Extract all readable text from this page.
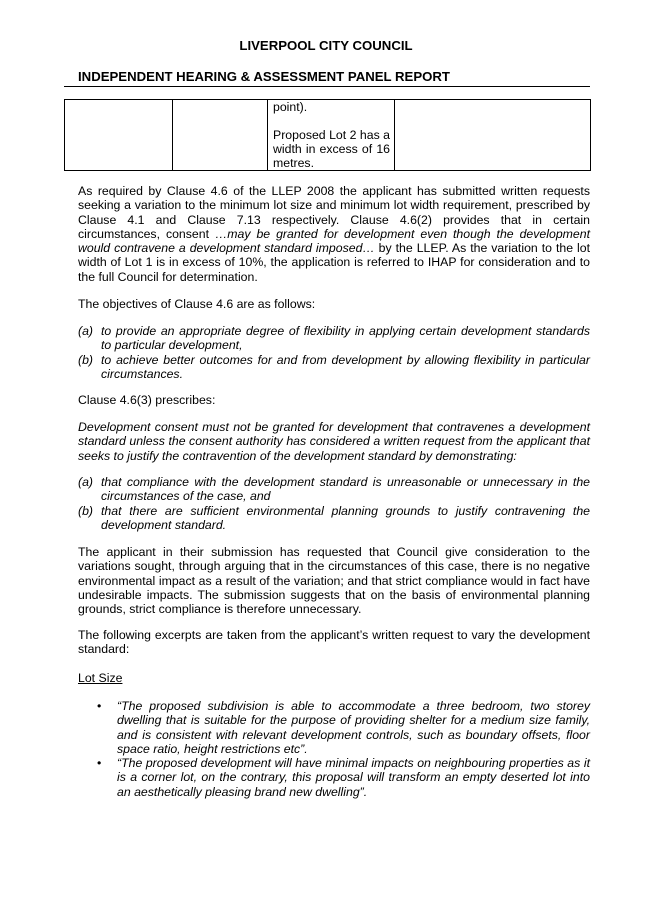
LIVERPOOL CITY COUNCIL
INDEPENDENT HEARING & ASSESSMENT PANEL REPORT

point).
Proposed Lot 2 has a width in excess of 16 metres.

As required by Clause 4.6 of the LLEP 2008 the applicant has submitted written requests seeking a variation to the minimum lot size and minimum lot width requirement, prescribed by Clause 4.1 and Clause 7.13 respectively. Clause 4.6(2) provides that in certain circumstances, consent …may be granted for development even though the development would contravene a development standard imposed… by the LLEP. As the variation to the lot width of Lot 1 is in excess of 10%, the application is referred to IHAP for consideration and to the full Council for determination.
The objectives of Clause 4.6 are as follows:
(a) to provide an appropriate degree of flexibility in applying certain development standards to particular development,
(b) to achieve better outcomes for and from development by allowing flexibility in particular circumstances.
Clause 4.6(3) prescribes:
Development consent must not be granted for development that contravenes a development standard unless the consent authority has considered a written request from the applicant that seeks to justify the contravention of the development standard by demonstrating:
(a) that compliance with the development standard is unreasonable or unnecessary in the circumstances of the case, and
(b) that there are sufficient environmental planning grounds to justify contravening the development standard.
The applicant in their submission has requested that Council give consideration to the variations sought, through arguing that in the circumstances of this case, there is no negative environmental impact as a result of the variation; and that strict compliance would in fact have undesirable impacts. The submission suggests that on the basis of environmental planning grounds, strict compliance is therefore unnecessary.
The following excerpts are taken from the applicant’s written request to vary the development standard:
Lot Size
• “The proposed subdivision is able to accommodate a three bedroom, two storey dwelling that is suitable for the purpose of providing shelter for a medium size family, and is consistent with relevant development controls, such as boundary offsets, floor space ratio, height restrictions etc”.
• “The proposed development will have minimal impacts on neighbouring properties as it is a corner lot, on the contrary, this proposal will transform an empty deserted lot into an aesthetically pleasing brand new dwelling”.
